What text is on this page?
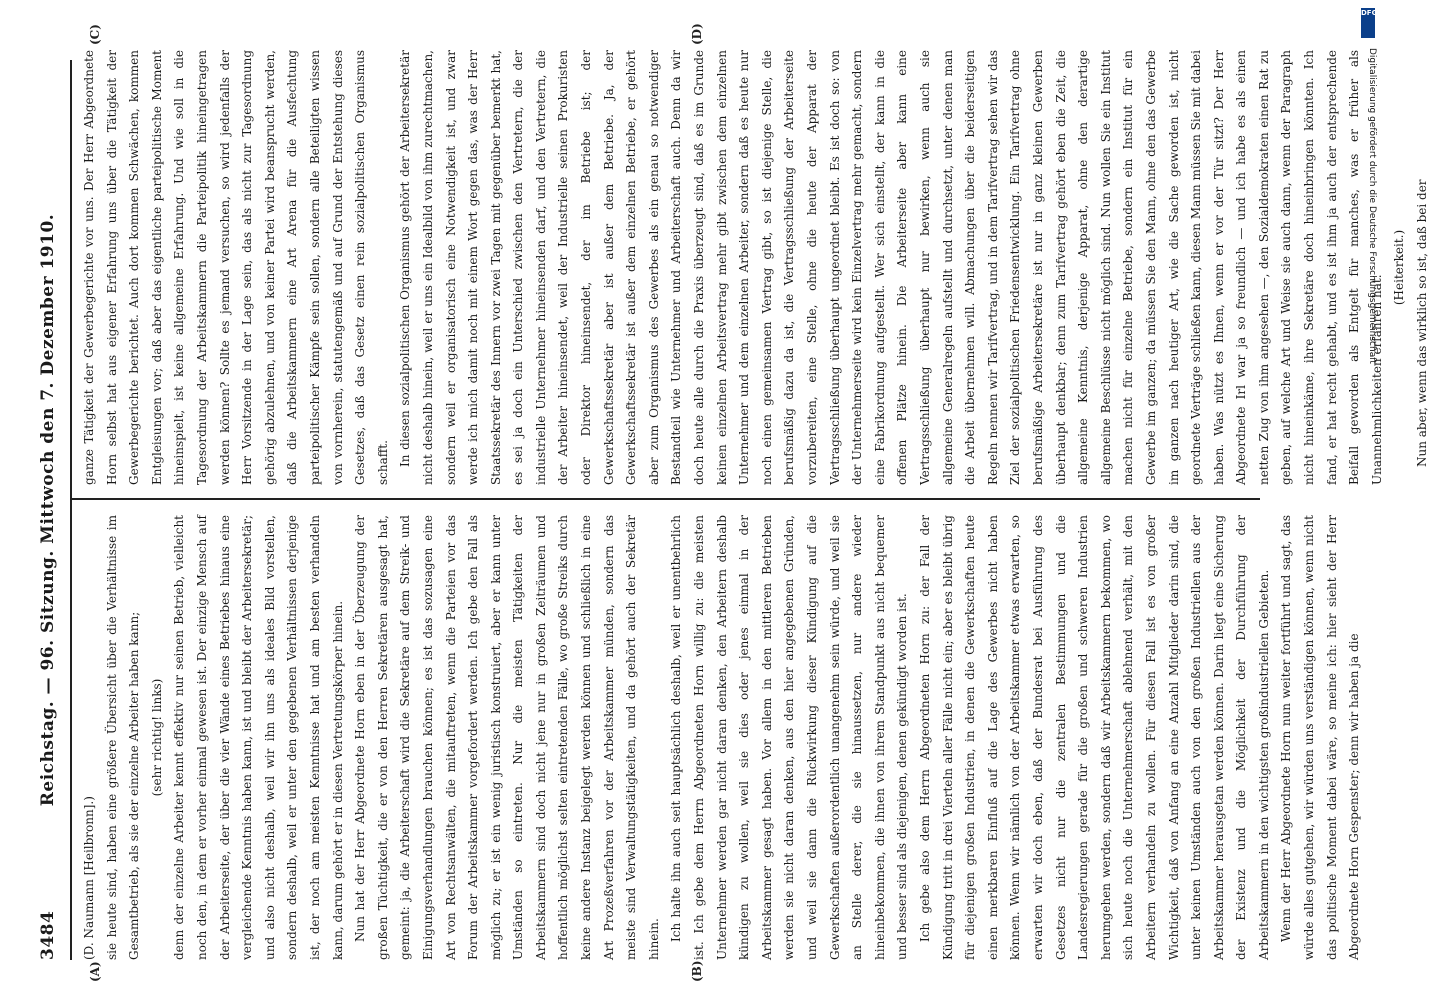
3484
Reichstag. — 96. Sitzung. Mittwoch den 7. Dezember 1910.
(A)	(B)
(C)	(D)

(D. Naumann [Heilbronn].) sie heute sind, haben eine größere Übersicht über die Verhältnisse im Gesamtbetrieb, als sie der einzelne Arbeiter haben kann; (sehr richtig! links) denn der einzelne Arbeiter kennt effektiv nur seinen Betrieb, vielleicht noch den, in dem er vorher einmal gewesen ist. Der einzige Mensch auf der Arbeiterseite, der über die vier Wände eines Betriebes hinaus eine vergleichende Kenntnis haben kann, ist und bleibt der Arbeitersekretär; und also nicht deshalb, weil wir ihn uns als ideales Bild vorstellen, sondern deshalb, weil er unter den gegebenen Verhältnissen derjenige ist, der noch am meisten Kenntnisse hat und am besten verhandeln kann, darum gehört er in diesen Vertretungskörper hinein. Nun hat der Herr Abgeordnete Horn eben in der Überzeugung der großen Tüchtigkeit, die er von den Herren Sekretären ausgesagt hat, gemeint: ja, die Arbeiterschaft wird die Sekretäre auf dem Streik- und Einigungsverhandlungen brauchen können; es ist das sozusagen eine Art von Rechtsanwälten, die mitauftreten, wenn die Parteien vor das Forum der Arbeitskammer vorgefordert werden. Ich gebe den Fall als möglich zu; er ist ein wenig juristisch konstruiert, aber er kann unter Umständen so eintreten. Nur die meisten Tätigkeiten der Arbeitskammern sind doch nicht jene nur in großen Zeiträumen und hoffentlich möglichst selten eintretenden Fälle, wo große Streiks durch keine andere Instanz beigelegt werden können und schließlich in eine Art Prozeßverfahren vor der Arbeitskammer münden, sondern das meiste sind Verwaltungstätigkeiten, und da gehört auch der Sekretär hinein. Ich halte ihn auch seit hauptsächlich deshalb, weil er unentbehrlich ist. Ich gebe dem Herrn Abgeordneten Horn willig zu: die meisten Unternehmer werden gar nicht daran denken, den Arbeitern deshalb kündigen zu wollen, weil sie dies oder jenes einmal in der Arbeitskammer gesagt haben. Vor allem in den mittleren Betrieben werden sie nicht daran denken, aus den hier angegebenen Gründen, und weil sie dann die Rückwirkung dieser Kündigung auf die Gewerkschaften außerordentlich unangenehm sein würde, und weil sie an Stelle derer, die sie hinaussetzen, nur andere wieder hineinbekommen, die ihnen von ihrem Standpunkt aus nicht bequemer und besser sind als diejenigen, denen gekündigt worden ist. Ich gebe also dem Herrn Abgeordneten Horn zu: der Fall der Kündigung tritt in drei Vierteln aller Fälle nicht ein; aber es bleibt übrig für diejenigen großen Industrien, in denen die Gewerkschaften heute einen merkbaren Einfluß auf die Lage des Gewerbes nicht haben können. Wenn wir nämlich von der Arbeitskammer etwas erwarten, so erwarten wir doch eben, daß der Bundesrat bei Ausführung des Gesetzes nicht nur die zentralen Bestimmungen und die Landesregierungen gerade für die großen und schweren Industrien herumgehen werden, sondern daß wir Arbeitskammern bekommen, wo sich heute noch die Unternehmerschaft ablehnend verhält, mit den Arbeitern verhandeln zu wollen. Für diesen Fall ist es von großer Wichtigkeit, daß von Anfang an eine Anzahl Mitglieder darin sind, die unter keinen Umständen auch von den großen Industriellen aus der Arbeitskammer herausgetan werden können. Darin liegt eine Sicherung der Existenz und die Möglichkeit der Durchführung der Arbeitskammern in den wichtigsten großindustriellen Gebieten. Wenn der Herr Abgeordnete Horn nun weiter fortführt und sagt, das würde alles gutgehen, wir würden uns verständigen können, wenn nicht das politische Moment dabei wäre, so meine ich: hier sieht der Herr Abgeordnete Horn Gespenster; denn wir haben ja die

ganze Tätigkeit der Gewerbegerichte vor uns. Der Herr Abgeordnete Horn selbst hat aus eigener Erfahrung uns über die Tätigkeit der Gewerbegerichte berichtet. Auch dort kommen Schwächen, kommen Entgleisungen vor; daß aber das eigentliche parteipolitische Moment hineinspielt, ist keine allgemeine Erfahrung. Und wie soll in die Tagesordnung der Arbeitskammern die Parteipolitik hineingetragen werden können? Sollte es jemand versuchen, so wird jedenfalls der Herr Vorsitzende in der Lage sein, das als nicht zur Tagesordnung gehörig abzulehnen, und von keiner Partei wird beansprucht werden, daß die Arbeitskammern eine Art Arena für die Ausfechtung parteipolitischer Kämpfe sein sollen, sondern alle Beteiligten wissen von vornherein, statutengemäß und auf Grund der Entstehung dieses Gesetzes, daß das Gesetz einen rein sozialpolitischen Organismus schafft. In diesen sozialpolitischen Organismus gehört der Arbeitersekretär nicht deshalb hinein, weil er uns ein Idealbild von ihm zurechtmachen, sondern weil er organisatorisch eine Notwendigkeit ist, und zwar werde ich mich damit noch mit einem Wort gegen das, was der Herr Staatssekretär des Innern vor zwei Tagen mit gegenüber bemerkt hat, es sei ja doch ein Unterschied zwischen den Vertretern, die der industrielle Unternehmer hineinsenden darf, und den Vertretern, die der Arbeiter hineinsendet, weil der Industrielle seinen Prokuristen oder Direktor hineinsendet, der im Betriebe ist; der Gewerkschaftssekretär aber ist außer dem Betriebe. Ja, der Gewerkschaftssekretär ist außer dem einzelnen Betriebe, er gehört aber zum Organismus des Gewerbes als ein genau so notwendiger Bestandteil wie Unternehmer und Arbeiterschaft auch. Denn da wir doch heute alle durch die Praxis überzeugt sind, daß es im Grunde keinen einzelnen Arbeitsvertrag mehr gibt zwischen dem einzelnen Unternehmer und dem einzelnen Arbeiter, sondern daß es heute nur noch einen gemeinsamen Vertrag gibt, so ist diejenige Stelle, die berufsmäßig dazu da ist, die Vertragsschließung der Arbeiterseite vorzubereiten, eine Stelle, ohne die heute der Apparat der Vertragsschließung überhaupt ungeordnet bleibt. Es ist doch so: von der Unternehmerseite wird kein Einzelvertrag mehr gemacht, sondern eine Fabrikordnung aufgestellt. Wer sich einstellt, der kann in die offenen Plätze hinein. Die Arbeiterseite aber kann eine Vertragsschließung überhaupt nur bewirken, wenn auch sie allgemeine Generalregeln aufstellt und durchsetzt, unter denen man die Arbeit übernehmen will. Abmachungen über die beiderseitigen Regeln nennen wir Tarifvertrag, und in dem Tarifvertrag sehen wir das Ziel der sozialpolitischen Friedensentwicklung. Ein Tarifvertrag ohne berufsmäßige Arbeitersekretäre ist nur in ganz kleinen Gewerben überhaupt denkbar; denn zum Tarifvertrag gehört eben die Zeit, die allgemeine Kenntnis, derjenige Apparat, ohne den derartige allgemeine Beschlüsse nicht möglich sind. Nun wollen Sie ein Institut machen nicht für einzelne Betriebe, sondern ein Institut für ein Gewerbe im ganzen; da müssen Sie den Mann, ohne den das Gewerbe im ganzen nach heutiger Art, wie die Sache geworden ist, nicht geordnete Verträge schließen kann, diesen Mann müssen Sie mit dabei haben. Was nützt es Ihnen, wenn er vor der Tür sitzt? Der Herr Abgeordnete Irl war ja so freundlich — und ich habe es als einen netten Zug von ihm angesehen —, den Sozialdemokraten einen Rat zu geben, auf welche Art und Weise sie auch dann, wenn der Paragraph nicht hineinkäme, ihre Sekretäre doch hineinbringen könnten. Ich fand, er hat recht gehabt, und es ist ihm ja auch der entsprechende Beifall geworden als Entgelt für manches, was er früher als Unannehmlichkeiten erfahren hat.

(Heiterkeit.) Nun aber, wenn das wirklich so ist, daß bei der

DFG
Digitalisierung gefördert durch die Deutsche Forschungsgemeinschaft
